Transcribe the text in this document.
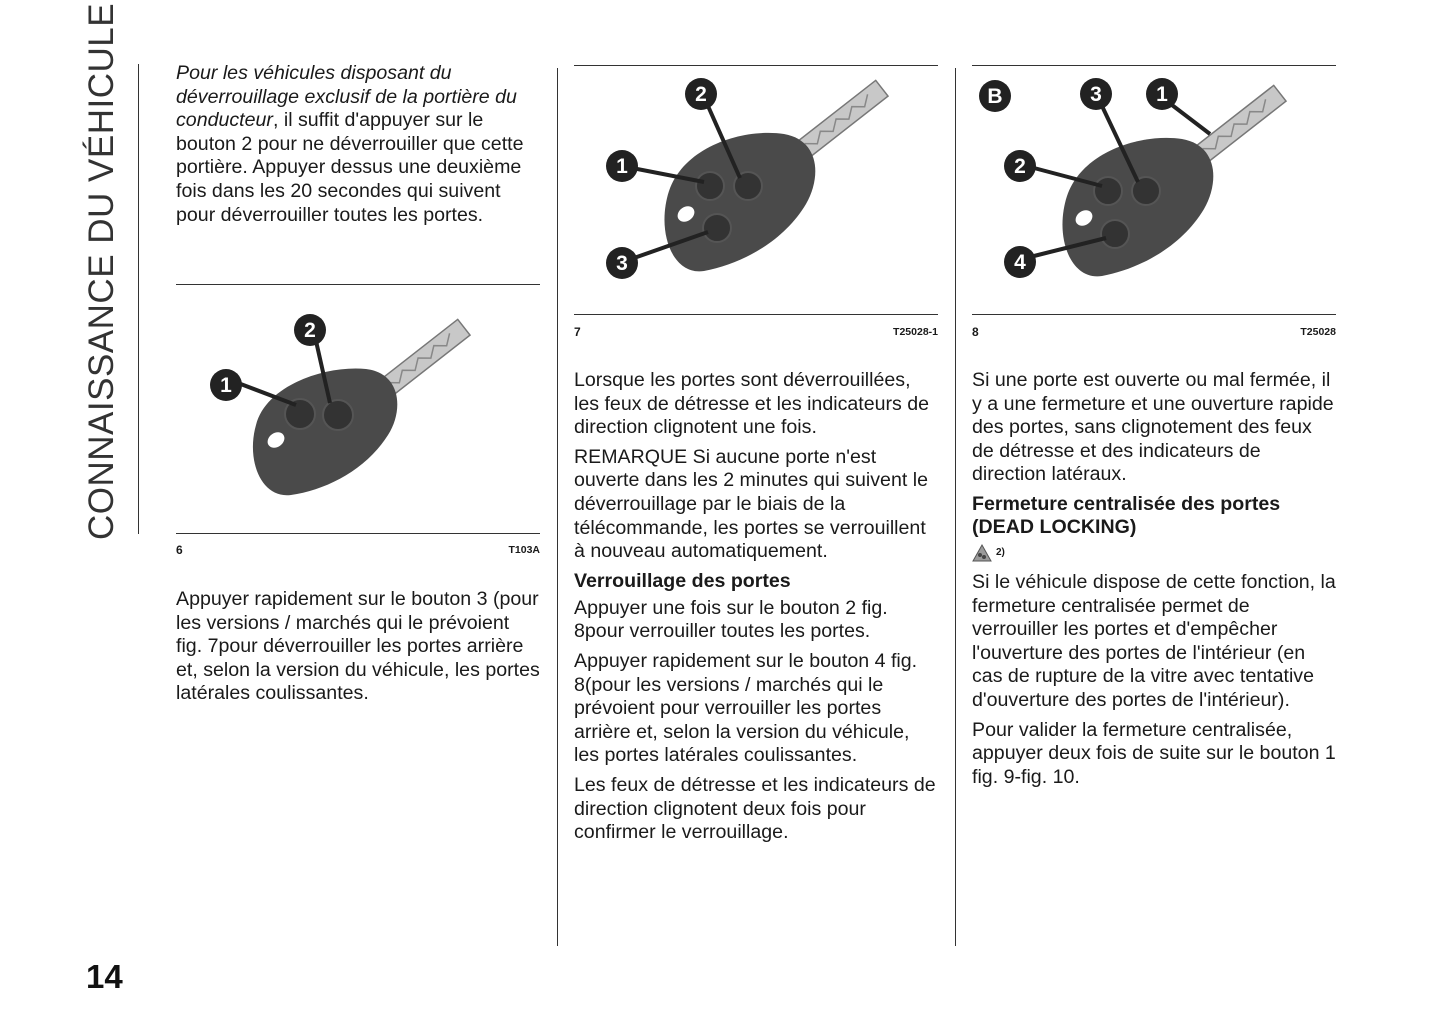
CONNAISSANCE DU VÉHICULE
14

Pour les véhicules disposant du déverrouillage exclusif de la portière du conducteur, il suffit d'appuyer sur le bouton 2 pour ne déverrouiller que cette portière. Appuyer dessus une deuxième fois dans les 20 secondes qui suivent pour déverrouiller toutes les portes.

1
2
6	T103A

Appuyer rapidement sur le bouton 3 (pour les versions / marchés qui le prévoient fig. 7pour déverrouiller les portes arrière et, selon la version du véhicule, les portes latérales coulissantes.

1
2
3
7	T25028-1

Lorsque les portes sont déverrouillées, les feux de détresse et les indicateurs de direction clignotent une fois.

REMARQUE Si aucune porte n'est ouverte dans les 2 minutes qui suivent le déverrouillage par le biais de la télécommande, les portes se verrouillent à nouveau automatiquement.

Verrouillage des portes

Appuyer une fois sur le bouton 2 fig. 8pour verrouiller toutes les portes.

Appuyer rapidement sur le bouton 4 fig. 8(pour les versions / marchés qui le prévoient pour verrouiller les portes arrière et, selon la version du véhicule, les portes latérales coulissantes.

Les feux de détresse et les indicateurs de direction clignotent deux fois pour confirmer le verrouillage.

B	3	1
2
4
8	T25028

Si une porte est ouverte ou mal fermée, il y a une fermeture et une ouverture rapide des portes, sans clignotement des feux de détresse et des indicateurs de direction latéraux.

Fermeture centralisée des portes (DEAD LOCKING)
2)

Si le véhicule dispose de cette fonction, la fermeture centralisée permet de verrouiller les portes et d'empêcher l'ouverture des portes de l'intérieur (en cas de rupture de la vitre avec tentative d'ouverture des portes de l'intérieur).

Pour valider la fermeture centralisée, appuyer deux fois de suite sur le bouton 1 fig. 9-fig. 10.
